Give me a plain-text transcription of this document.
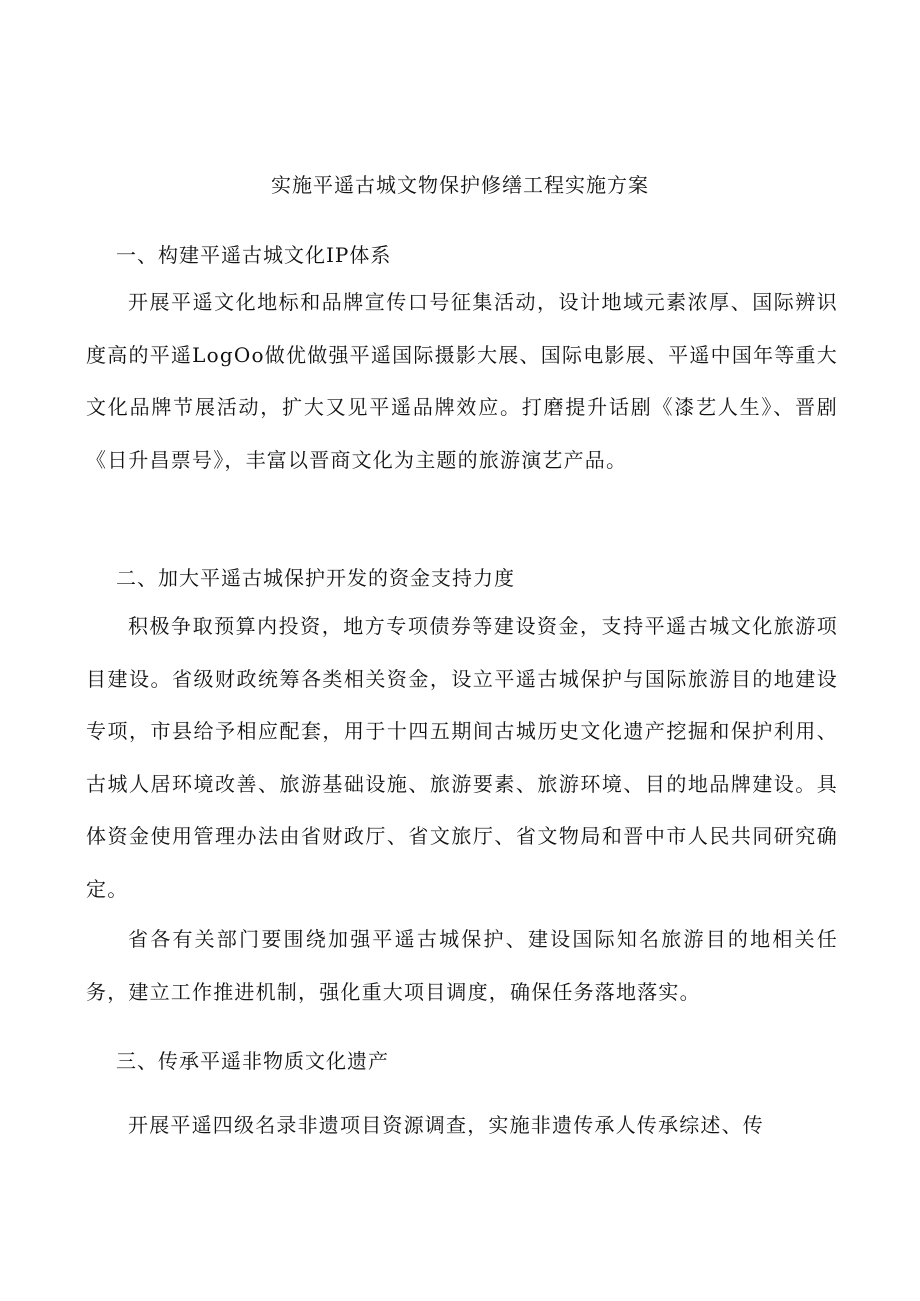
实施平遥古城文物保护修缮工程实施方案
一、构建平遥古城文化IP体系

开展平遥文化地标和品牌宣传口号征集活动，设计地域元素浓厚、国际辨识度高的平遥LogOo做优做强平遥国际摄影大展、国际电影展、平遥中国年等重大文化品牌节展活动，扩大又见平遥品牌效应。打磨提升话剧《漆艺人生》、晋剧《日升昌票号》，丰富以晋商文化为主题的旅游演艺产品。

二、加大平遥古城保护开发的资金支持力度

积极争取预算内投资，地方专项债券等建设资金，支持平遥古城文化旅游项目建设。省级财政统筹各类相关资金，设立平遥古城保护与国际旅游目的地建设专项，市县给予相应配套，用于十四五期间古城历史文化遗产挖掘和保护利用、古城人居环境改善、旅游基础设施、旅游要素、旅游环境、目的地品牌建设。具体资金使用管理办法由省财政厅、省文旅厅、省文物局和晋中市人民共同研究确定。

省各有关部门要围绕加强平遥古城保护、建设国际知名旅游目的地相关任务，建立工作推进机制，强化重大项目调度，确保任务落地落实。

三、传承平遥非物质文化遗产

开展平遥四级名录非遗项目资源调查，实施非遗传承人传承综述、传
